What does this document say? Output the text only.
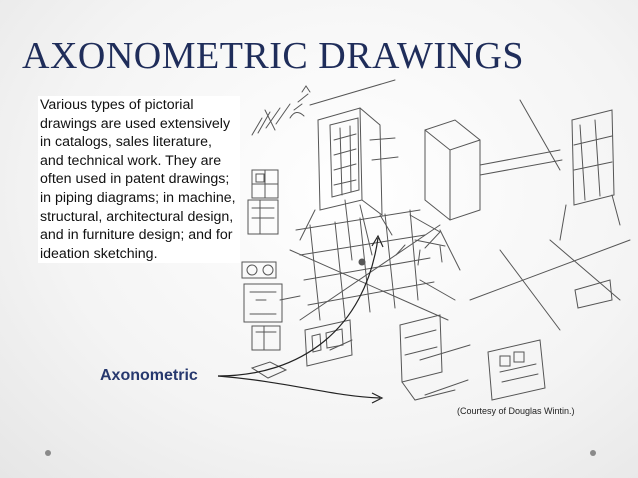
AXONOMETRIC DRAWINGS
Various types of pictorial drawings are used extensively in catalogs, sales literature, and technical work. They are often used in patent drawings; in piping diagrams; in machine, structural, architectural design, and in furniture design; and for ideation sketching.
Axonometric
(Courtesy of Douglas Wintin.)
